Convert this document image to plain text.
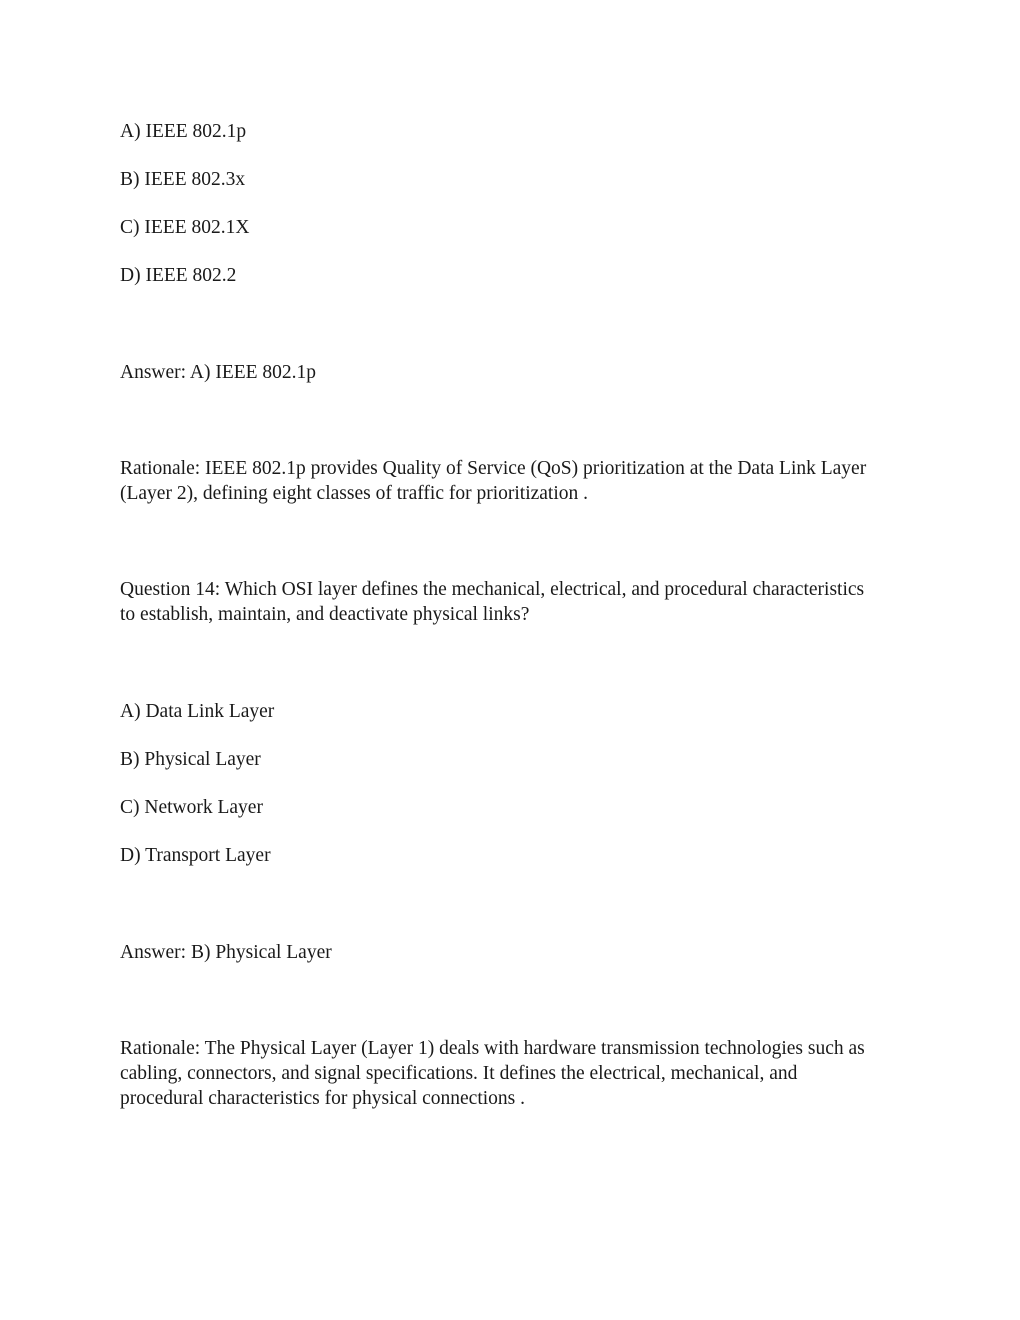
A) IEEE 802.1p

B) IEEE 802.3x

C) IEEE 802.1X

D) IEEE 802.2

Answer: A) IEEE 802.1p

Rationale: IEEE 802.1p provides Quality of Service (QoS) prioritization at the Data Link Layer
(Layer 2), defining eight classes of traffic for prioritization .
Question 14: Which OSI layer defines the mechanical, electrical, and procedural characteristics
to establish, maintain, and deactivate physical links?

A) Data Link Layer

B) Physical Layer

C) Network Layer

D) Transport Layer

Answer: B) Physical Layer

Rationale: The Physical Layer (Layer 1) deals with hardware transmission technologies such as
cabling, connectors, and signal specifications. It defines the electrical, mechanical, and
procedural characteristics for physical connections .
